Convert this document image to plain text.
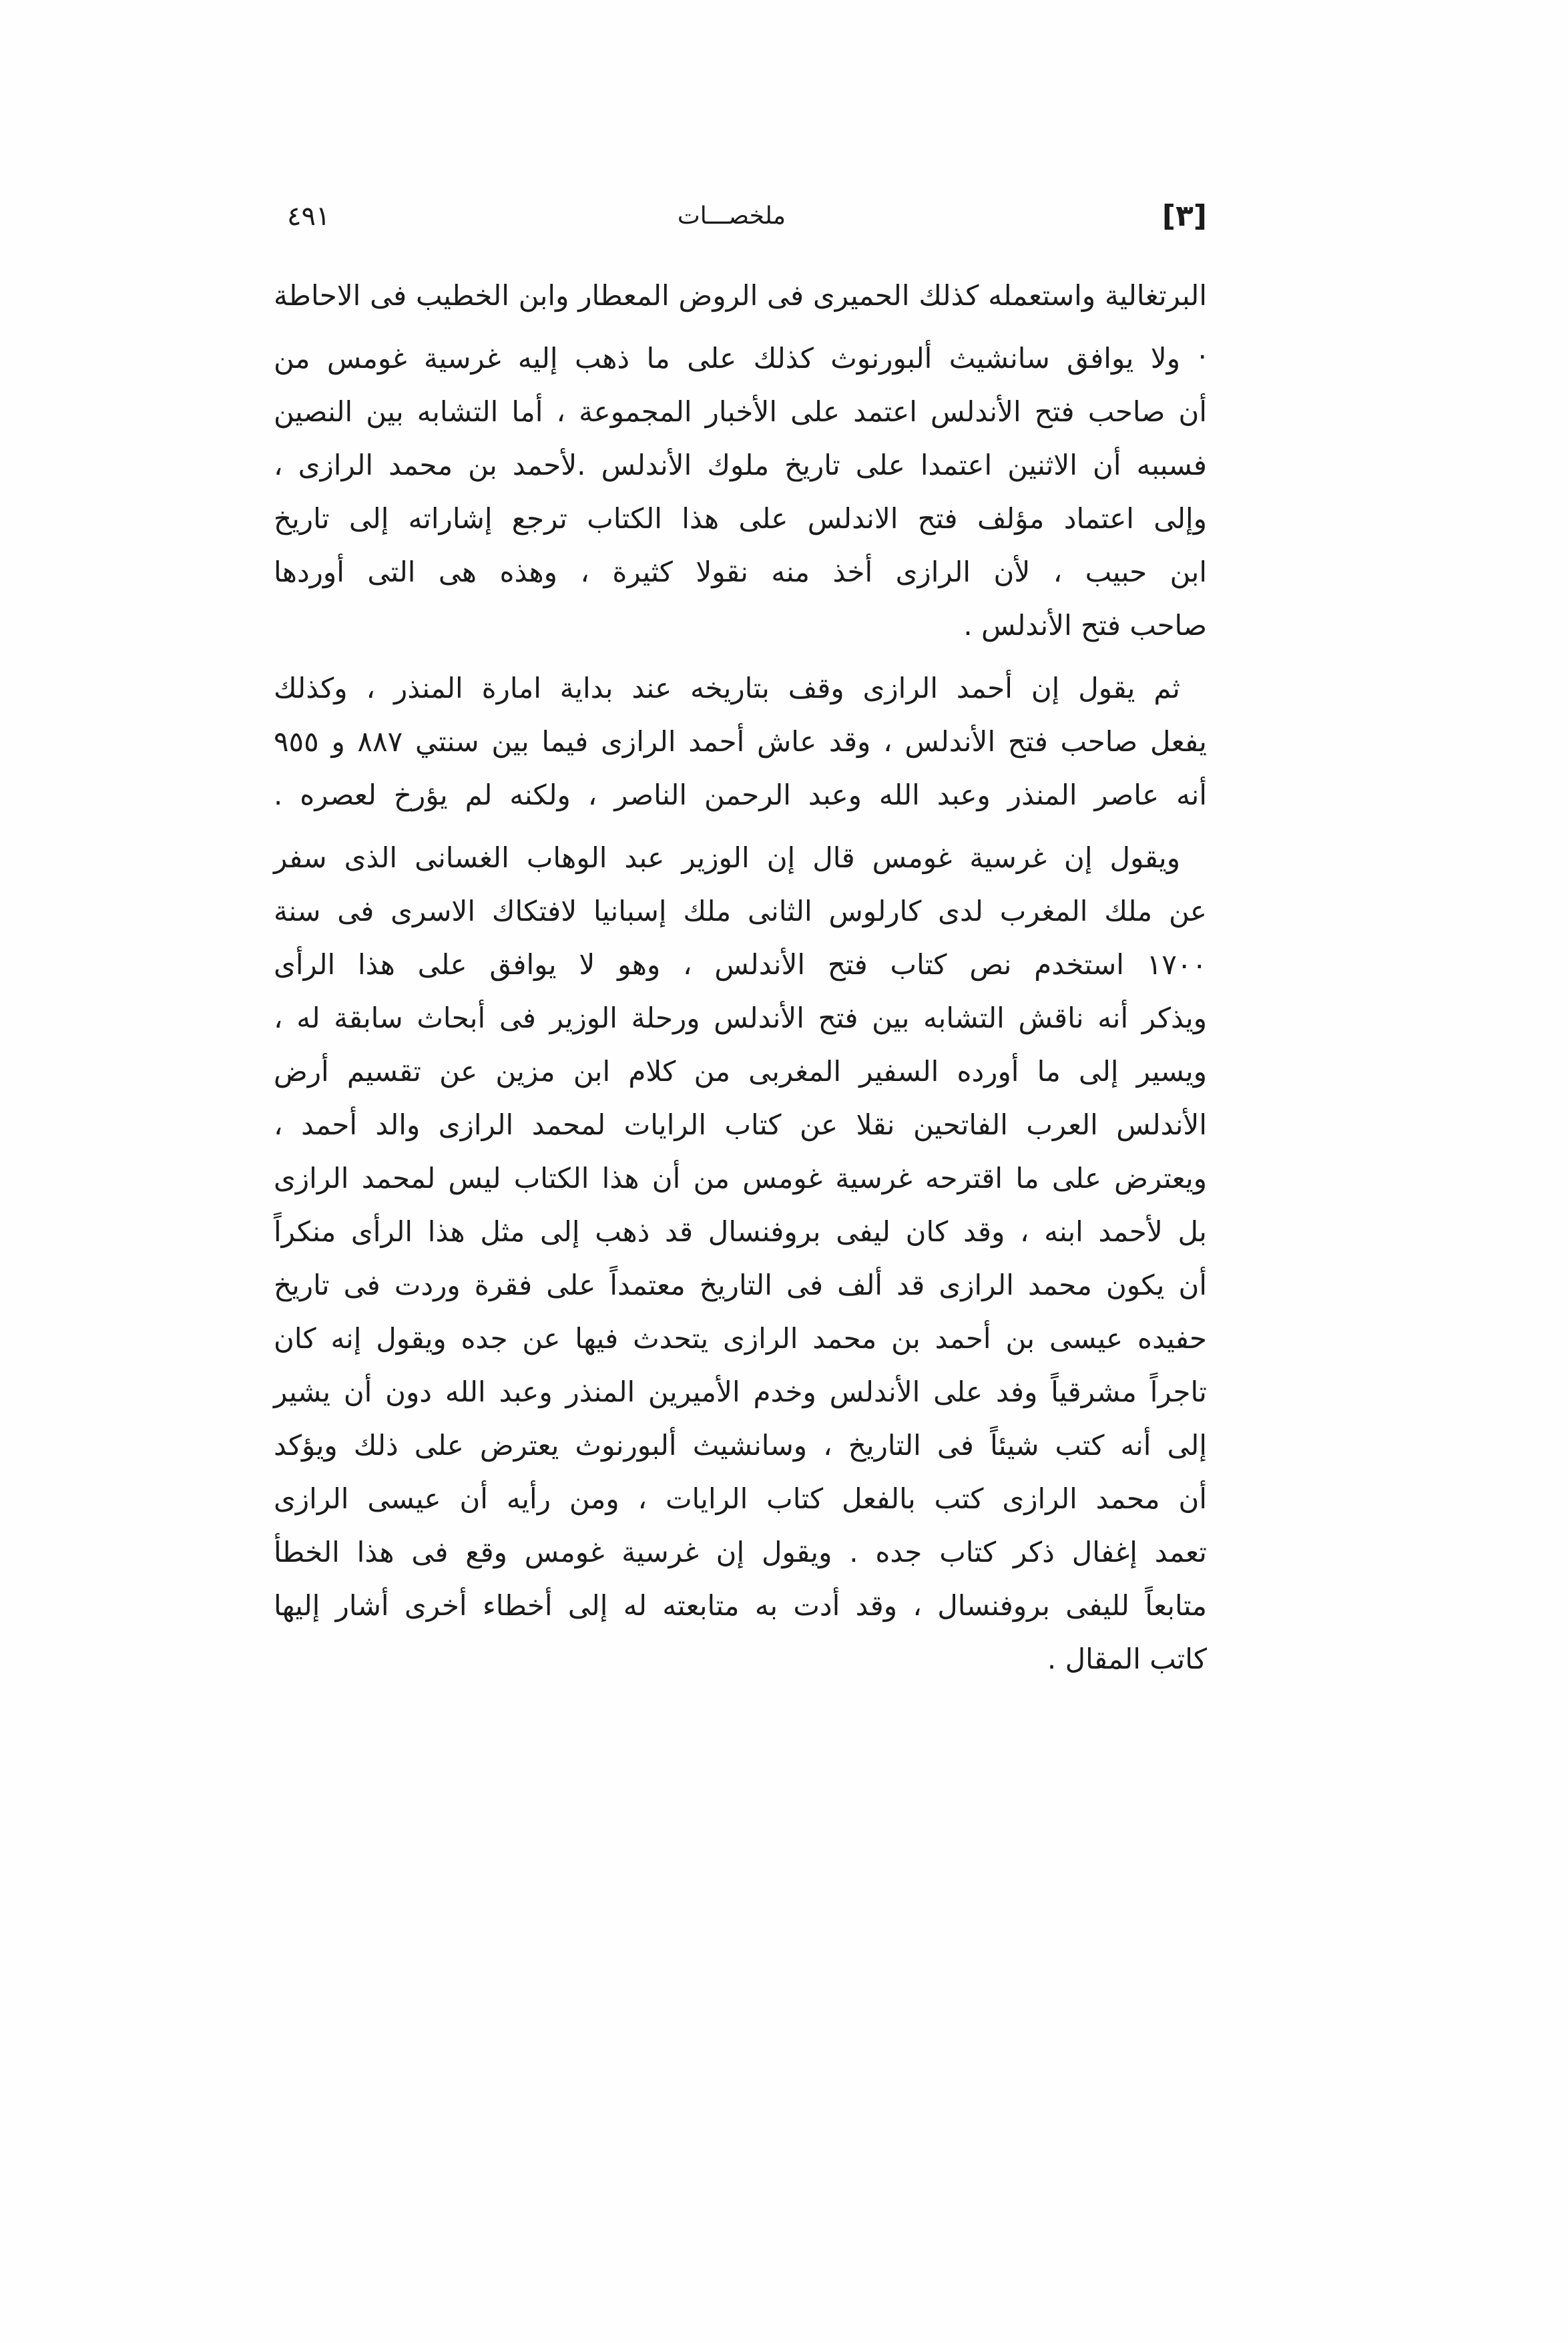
٤٩١	ملخصـــات	[٣]
البرتغالية واستعمله كذلك الحميرى فى الروض المعطار وابن الخطيب فى الاحاطة .
ولا يوافق سانشيث ألبورنوث كذلك على ما ذهب إليه غرسية غومس من
أن صاحب فتح الأندلس اعتمد على الأخبار المجموعة ، أما التشابه بين النصين
فسببه أن الاثنين اعتمدا على تاريخ ملوك الأندلس .لأحمد بن محمد الرازى ،
وإلى اعتماد مؤلف فتح الاندلس على هذا الكتاب ترجع إشاراته إلى تاريخ
ابن حبيب ، لأن الرازى أخذ منه نقولا كثيرة ، وهذه هى التى أوردها
صاحب فتح الأندلس .
ثم يقول إن أحمد الرازى وقف بتاريخه عند بداية امارة المنذر ، وكذلك
يفعل صاحب فتح الأندلس ، وقد عاش أحمد الرازى فيما بين سنتي ٨٨٧ و ٩٥٥
أنه عاصر المنذر وعبد الله وعبد الرحمن الناصر ، ولكنه لم يؤرخ لعصره .
ويقول إن غرسية غومس قال إن الوزير عبد الوهاب الغسانى الذى سفر
عن ملك المغرب لدى كارلوس الثانى ملك إسبانيا لافتكاك الاسرى فى سنة
١٧٠٠ استخدم نص كتاب فتح الأندلس ، وهو لا يوافق على هذا الرأى
ويذكر أنه ناقش التشابه بين فتح الأندلس ورحلة الوزير فى أبحاث سابقة له ،
ويسير إلى ما أورده السفير المغربى من كلام ابن مزين عن تقسيم أرض
الأندلس العرب الفاتحين نقلا عن كتاب الرايات لمحمد الرازى والد أحمد ،
ويعترض على ما اقترحه غرسية غومس من أن هذا الكتاب ليس لمحمد الرازى
بل لأحمد ابنه ، وقد كان ليفى بروفنسال قد ذهب إلى مثل هذا الرأى منكراً
أن يكون محمد الرازى قد ألف فى التاريخ معتمداً على فقرة وردت فى تاريخ
حفيده عيسى بن أحمد بن محمد الرازى يتحدث فيها عن جده ويقول إنه كان
تاجراً مشرقياً وفد على الأندلس وخدم الأميرين المنذر وعبد الله دون أن يشير
إلى أنه كتب شيئاً فى التاريخ ، وسانشيث ألبورنوث يعترض على ذلك ويؤكد
أن محمد الرازى كتب بالفعل كتاب الرايات ، ومن رأيه أن عيسى الرازى
تعمد إغفال ذكر كتاب جده . ويقول إن غرسية غومس وقع فى هذا الخطأ
متابعاً لليفى بروفنسال ، وقد أدت به متابعته له إلى أخطاء أخرى أشار إليها
كاتب المقال .
